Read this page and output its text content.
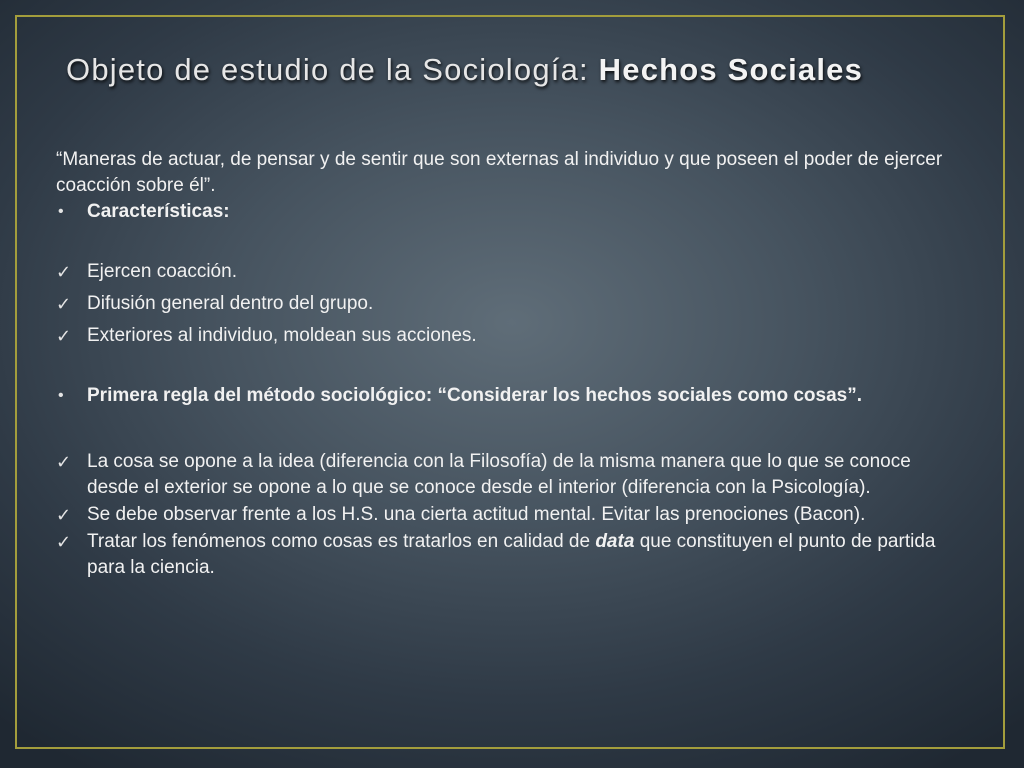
Objeto de estudio de la Sociología: Hechos Sociales

“Maneras de actuar, de pensar y de sentir que son externas al individuo y que poseen el poder de ejercer coacción sobre él”.

•	Características:
✓ Ejercen coacción.
✓ Difusión general dentro del grupo.
✓ Exteriores al individuo, moldean sus acciones.
•	Primera regla del método sociológico: “Considerar los hechos sociales como cosas”.
✓ La cosa se opone a la idea (diferencia con la Filosofía) de la misma manera que lo que se conoce desde el exterior se opone a lo que se conoce desde el interior (diferencia con la Psicología).
✓ Se debe observar frente a los H.S. una cierta actitud mental. Evitar las prenociones (Bacon).
✓ Tratar los fenómenos como cosas es tratarlos en calidad de data que constituyen el punto de partida para la ciencia.
